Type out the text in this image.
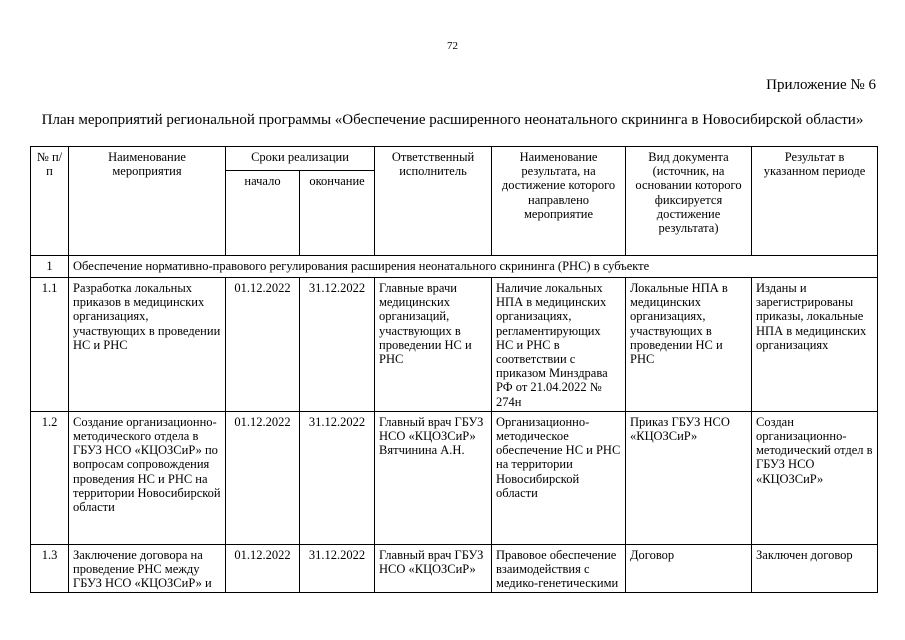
72
Приложение № 6
План мероприятий региональной программы «Обеспечение расширенного неонатального скрининга в Новосибирской области»
№ п/п	Наименование мероприятия	Сроки реализации		Ответственный исполнитель	Наименование результата, на достижение которого направлено мероприятие	Вид документа (источник, на основании которого фиксируется достижение результата)	Результат в указанном периоде
		начало	окончание				
1	Обеспечение нормативно-правового регулирования расширения неонатального скрининга (РНС) в субъекте						
1.1	Разработка локальных приказов в медицинских организациях, участвующих в проведении НС и РНС	01.12.2022	31.12.2022	Главные врачи медицинских организаций, участвующих в проведении НС и РНС	Наличие локальных НПА в медицинских организациях, регламентирующих НС и РНС в соответствии с приказом Минздрава РФ от 21.04.2022 № 274н	Локальные НПА в медицинских организациях, участвующих в проведении НС и РНС	Изданы и зарегистрированы приказы, локальные НПА в медицинских организациях
1.2	Создание организационно-методического отдела в ГБУЗ НСО «КЦОЗСиР» по вопросам сопровождения проведения НС и РНС на территории Новосибирской области	01.12.2022	31.12.2022	Главный врач ГБУЗ НСО «КЦОЗСиР» Вятчинина А.Н.	Организационно-методическое обеспечение НС и РНС на территории Новосибирской области	Приказ ГБУЗ НСО «КЦОЗСиР»	Создан организационно-методический отдел в ГБУЗ НСО «КЦОЗСиР»
1.3	Заключение договора на проведение РНС между ГБУЗ НСО «КЦОЗСиР» и	01.12.2022	31.12.2022	Главный врач ГБУЗ НСО «КЦОЗСиР»	Правовое обеспечение взаимодействия с медико-генетическими	Договор	Заключен договор
